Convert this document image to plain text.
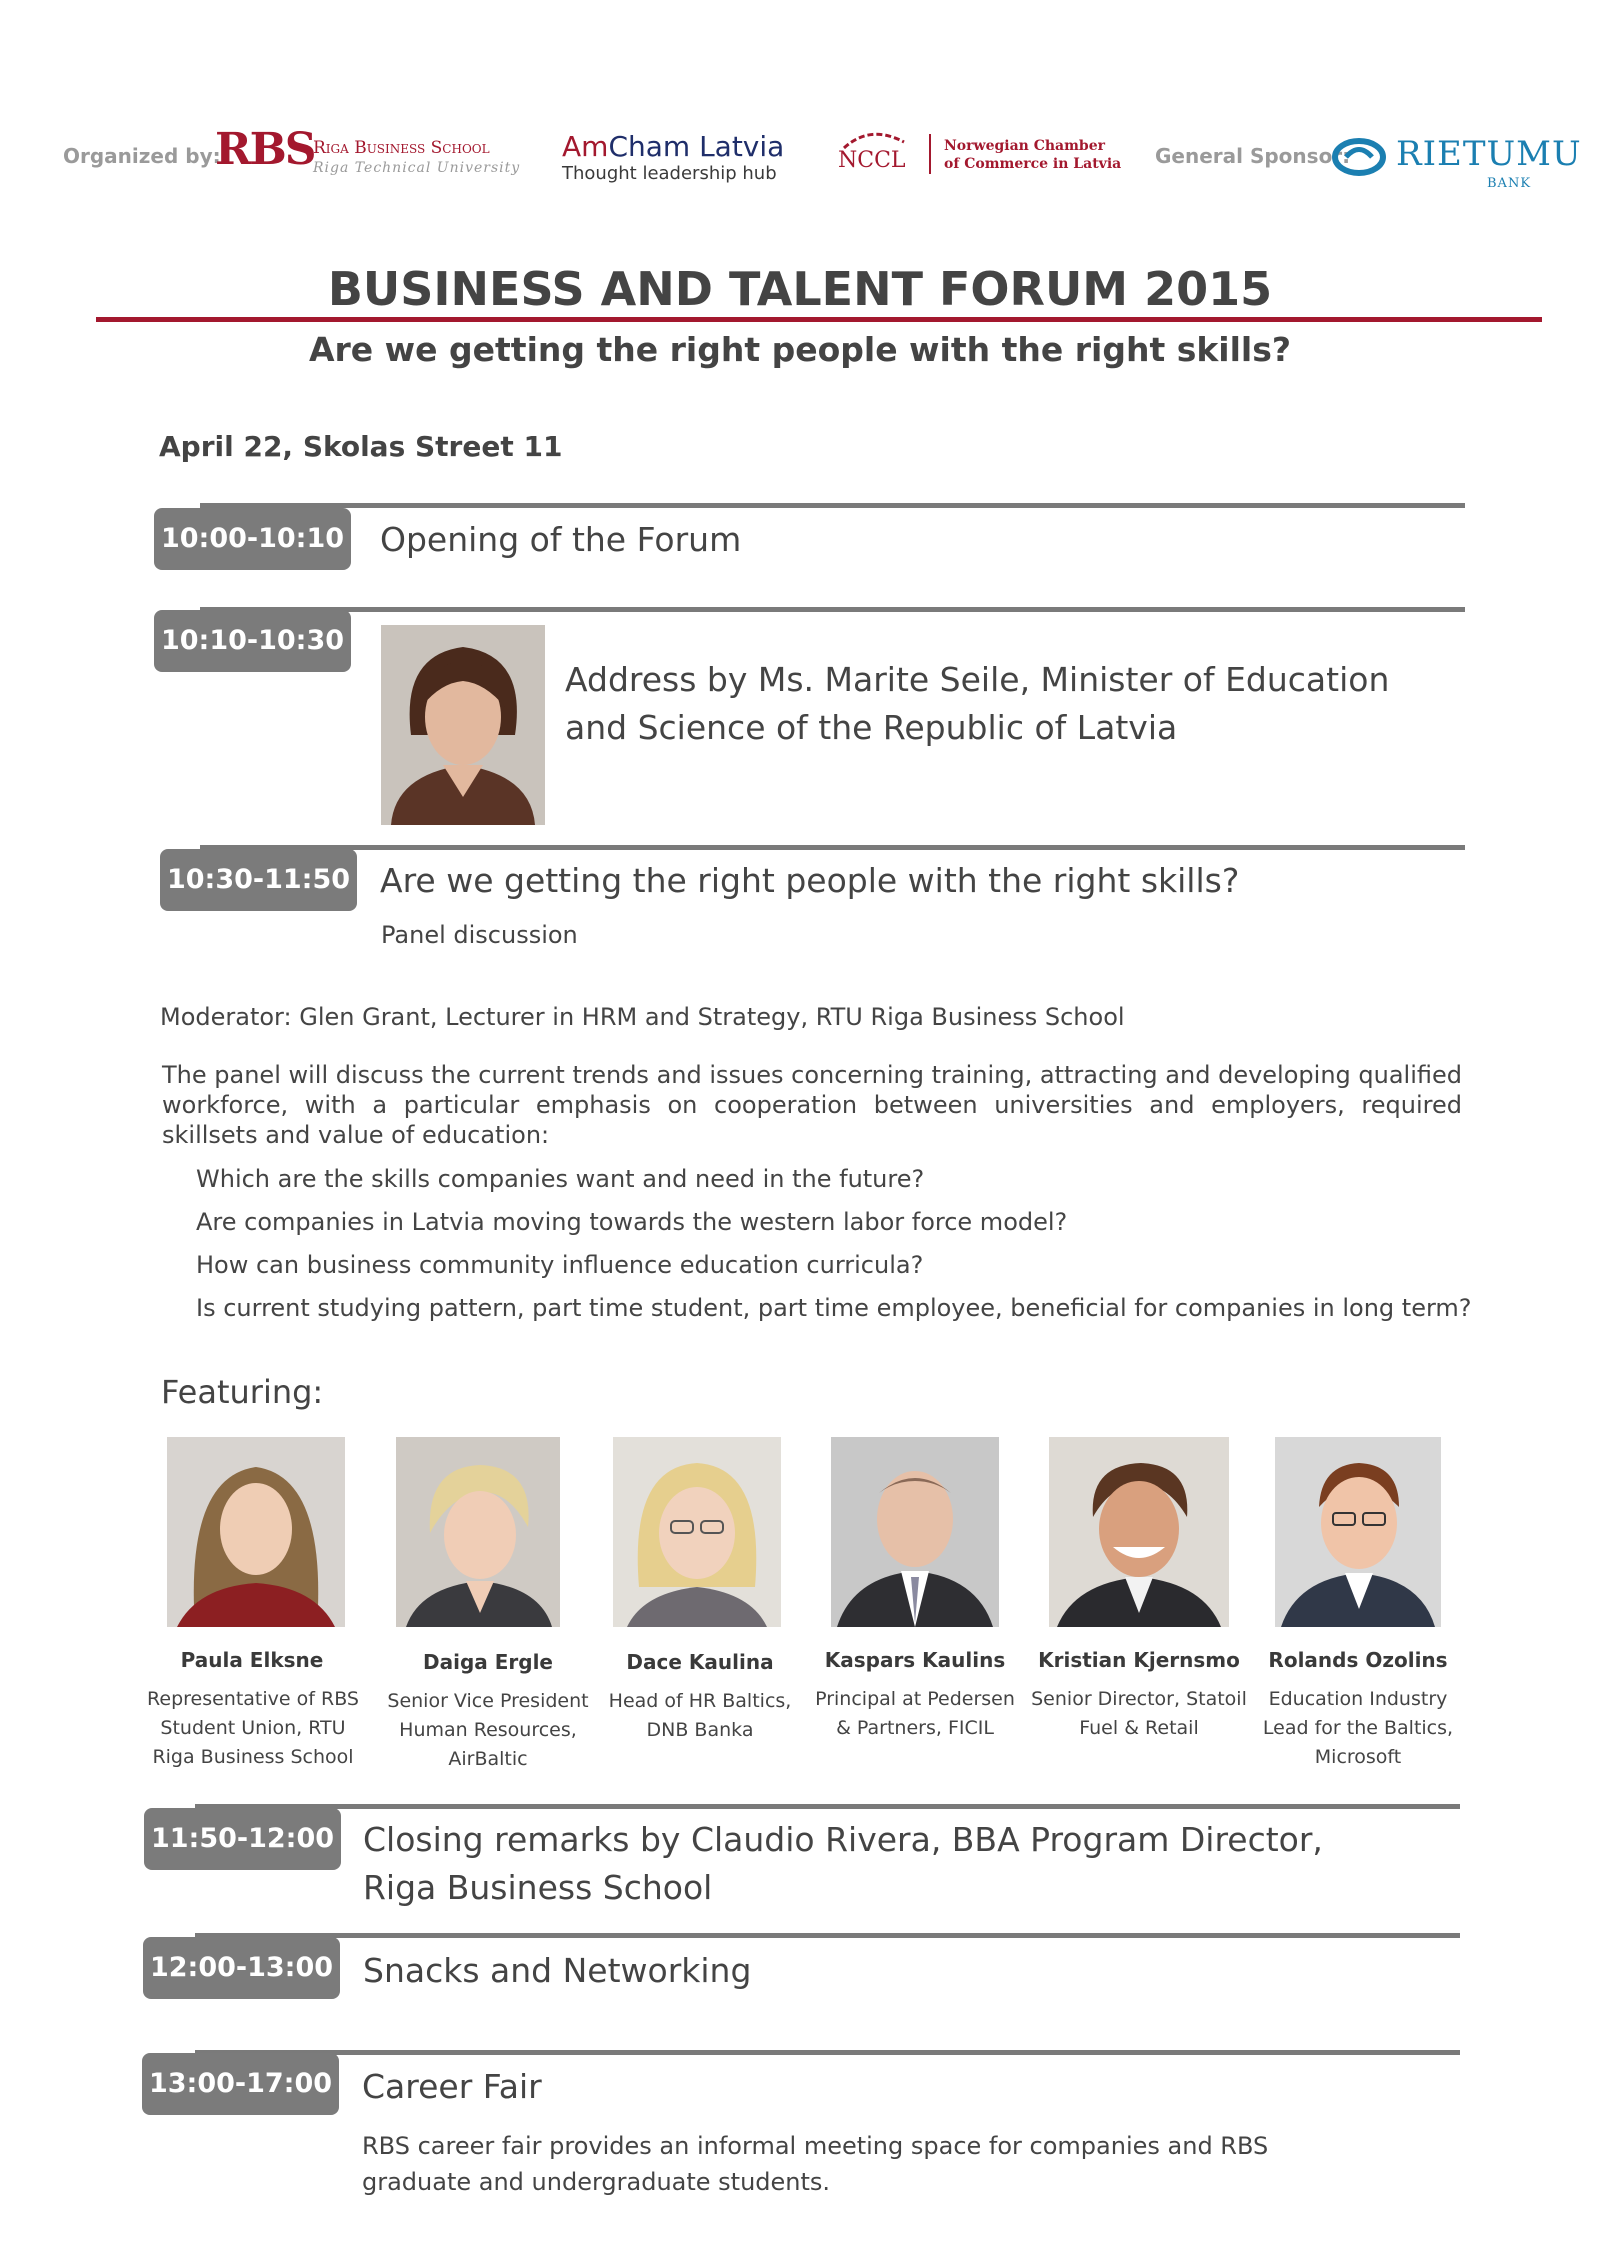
Organized by:
RBS
Riga Business School
Riga Technical University
AmCham Latvia
Thought leadership hub
NCCL
Norwegian Chamber
of Commerce in Latvia General Sponsor: RIETUMU
BANK
BUSINESS AND TALENT FORUM 2015
Are we getting the right people with the right skills?
April 22, Skolas Street 11
10:00-10:10 Opening of the Forum
10:10-10:30
Address by Ms. Marite Seile, Minister of Education and Science of the Republic of Latvia
10:30-11:50 Are we getting the right people with the right skills?
Panel discussion
Moderator: Glen Grant, Lecturer in HRM and Strategy, RTU Riga Business School
The panel will discuss the current trends and issues concerning training, attracting and developing qualified workforce, with a particular emphasis on cooperation between universities and employers, required skillsets and value of education:
Which are the skills companies want and need in the future?
Are companies in Latvia moving towards the western labor force model?
How can business community influence education curricula?
Is current studying pattern, part time student, part time employee, beneficial for companies in long term?
Featuring:
Paula Elksne
Representative of RBS Student Union, RTU Riga Business School
Daiga Ergle
Senior Vice President Human Resources, AirBaltic
Dace Kaulina
Head of HR Baltics, DNB Banka
Kaspars Kaulins
Principal at Pedersen & Partners, FICIL
Kristian Kjernsmo
Senior Director, Statoil Fuel & Retail
Rolands Ozolins
Education Industry Lead for the Baltics, Microsoft
11:50-12:00 Closing remarks by Claudio Rivera, BBA Program Director, Riga Business School
12:00-13:00 Snacks and Networking
13:00-17:00 Career Fair
RBS career fair provides an informal meeting space for companies and RBS graduate and undergraduate students.
